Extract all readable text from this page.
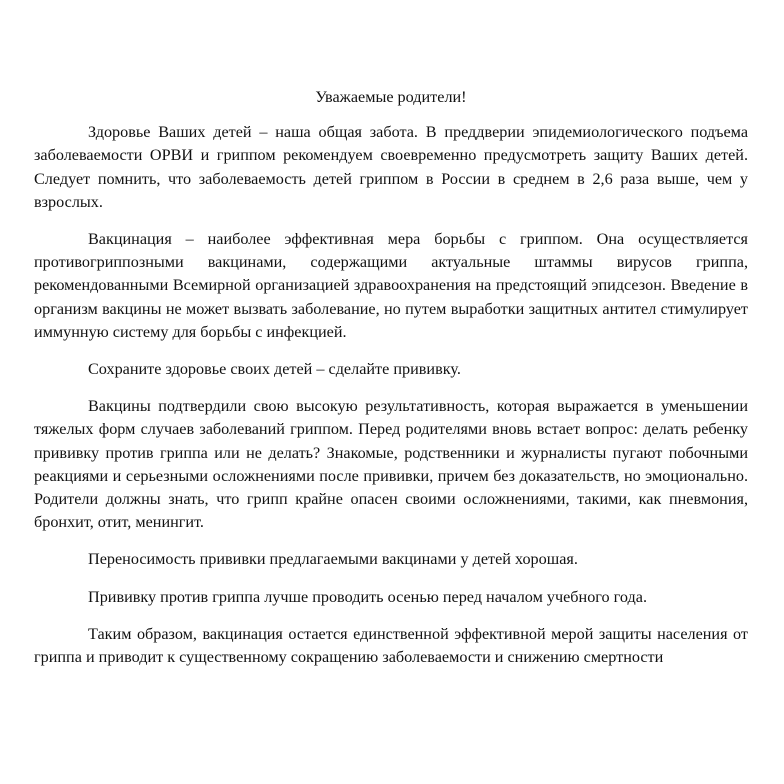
Уважаемые родители!

Здоровье Ваших детей – наша общая забота. В преддверии эпидемиологического подъема заболеваемости ОРВИ и гриппом рекомендуем своевременно предусмотреть защиту Ваших детей. Следует помнить, что заболеваемость детей гриппом в России в среднем в 2,6 раза выше, чем у взрослых.

Вакцинация – наиболее эффективная мера борьбы с гриппом. Она осуществляется противогриппозными вакцинами, содержащими актуальные штаммы вирусов гриппа, рекомендованными Всемирной организацией здравоохранения на предстоящий эпидсезон. Введение в организм вакцины не может вызвать заболевание, но путем выработки защитных антител стимулирует иммунную систему для борьбы с инфекцией.

Сохраните здоровье своих детей – сделайте прививку.

Вакцины подтвердили свою высокую результативность, которая выражается в уменьшении тяжелых форм случаев заболеваний гриппом. Перед родителями вновь встает вопрос: делать ребенку прививку против гриппа или не делать? Знакомые, родственники и журналисты пугают побочными реакциями и серьезными осложнениями после прививки, причем без доказательств, но эмоционально. Родители должны знать, что грипп крайне опасен своими осложнениями, такими, как пневмония, бронхит, отит, менингит.

Переносимость прививки предлагаемыми вакцинами у детей хорошая.

Прививку против гриппа лучше проводить осенью перед началом учебного года.

Таким образом, вакцинация остается единственной эффективной мерой защиты населения от гриппа и приводит к существенному сокращению заболеваемости и снижению смертности
